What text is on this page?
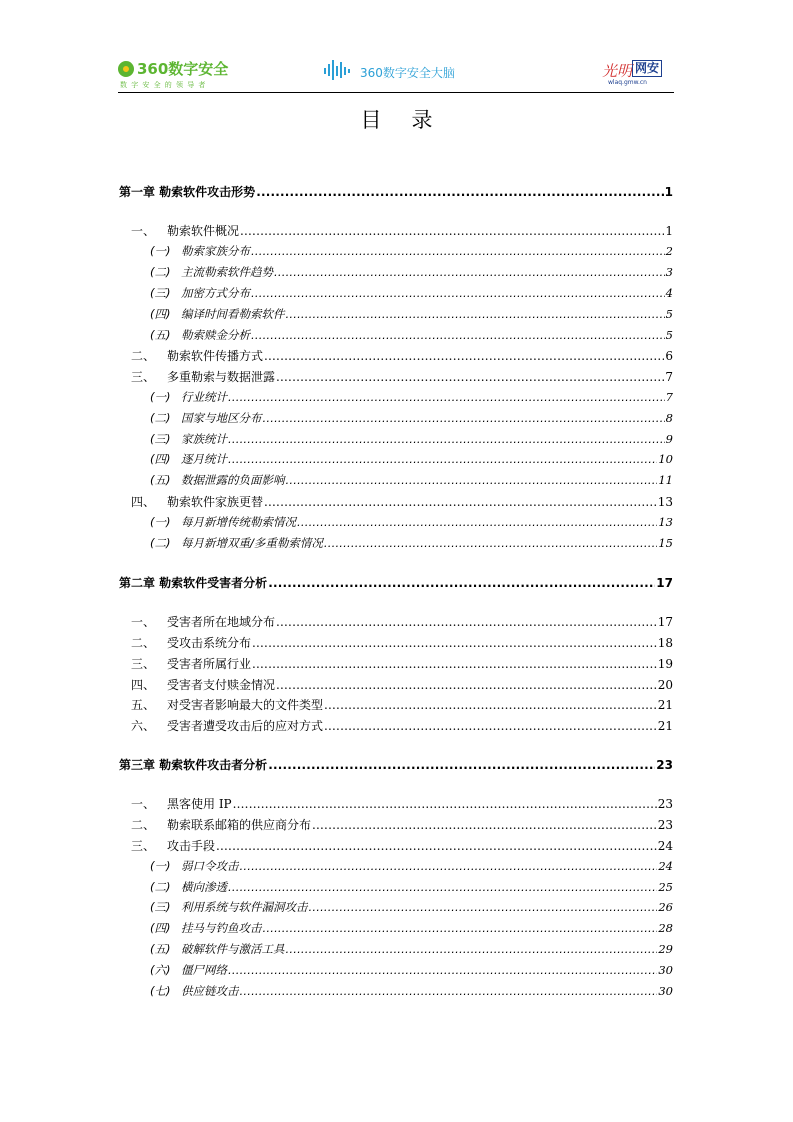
360数字安全
数字安全的领导者
360数字安全大脑	光明 网安
wlaq.gmw.cn
目录
第一章 勒索软件攻击形势 .....	1
一、 勒索软件概况 .....	1
(一) 勒索家族分布 .....	2
(二) 主流勒索软件趋势 .....	3
(三) 加密方式分布 .....	4
(四) 编译时间看勒索软件 .....	5
(五) 勒索赎金分析 .....	5
二、 勒索软件传播方式 .....	6
三、 多重勒索与数据泄露 .....	7
(一) 行业统计 .....	7
(二) 国家与地区分布 .....	8
(三) 家族统计 .....	9
(四) 逐月统计 .....	10
(五) 数据泄露的负面影响 .....	11
四、 勒索软件家族更替 .....	13
(一) 每月新增传统勒索情况 .....	13
(二) 每月新增双重/多重勒索情况 .....	15
第二章 勒索软件受害者分析 .....	17
一、 受害者所在地域分布 .....	17
二、 受攻击系统分布 .....	18
三、 受害者所属行业 .....	19
四、 受害者支付赎金情况 .....	20
五、 对受害者影响最大的文件类型 .....	21
六、 受害者遭受攻击后的应对方式 .....	21
第三章 勒索软件攻击者分析 .....	23
一、 黑客使用 IP .....	23
二、 勒索联系邮箱的供应商分布 .....	23
三、 攻击手段 .....	24
(一) 弱口令攻击 .....	24
(二) 横向渗透 .....	25
(三) 利用系统与软件漏洞攻击 .....	26
(四) 挂马与钓鱼攻击 .....	28
(五) 破解软件与激活工具 .....	29
(六) 僵尸网络 .....	30
(七) 供应链攻击 .....	30
